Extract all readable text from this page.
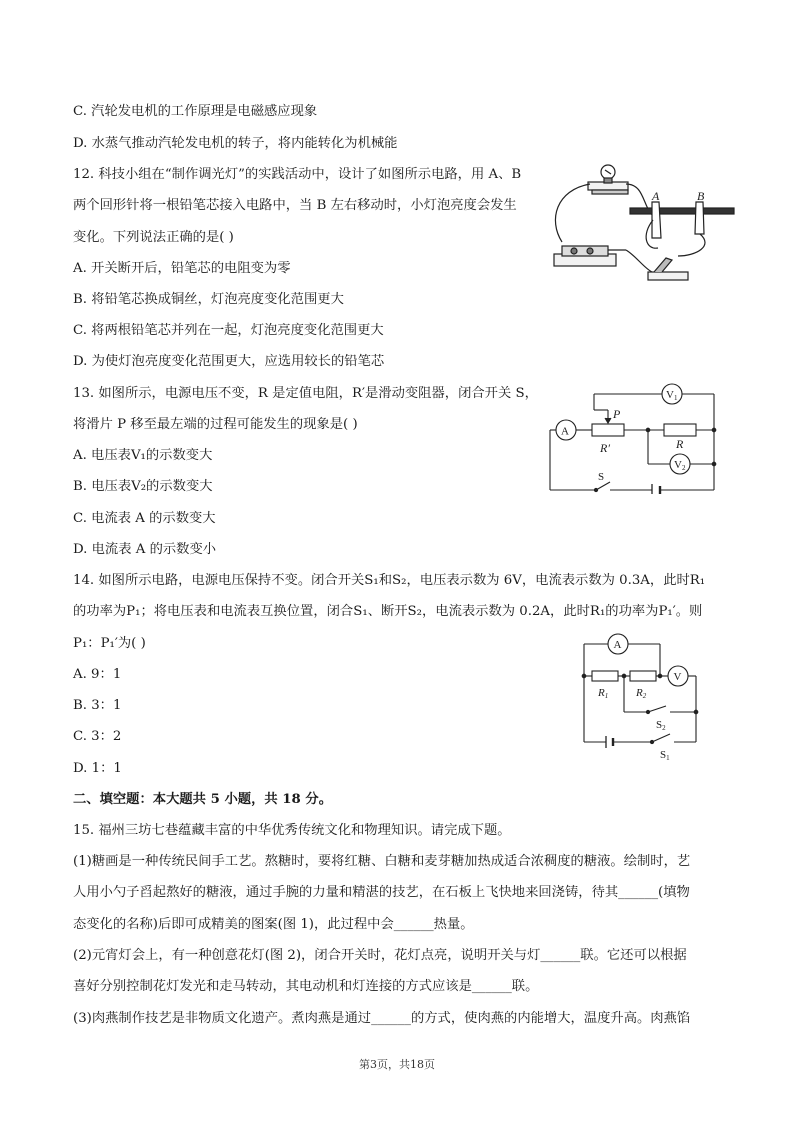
C. 汽轮发电机的工作原理是电磁感应现象
D. 水蒸气推动汽轮发电机的转子，将内能转化为机械能
12. 科技小组在“制作调光灯”的实践活动中，设计了如图所示电路，用 A、B
两个回形针将一根铅笔芯接入电路中，当 B 左右移动时，小灯泡亮度会发生
变化。下列说法正确的是( )
A. 开关断开后，铅笔芯的电阻变为零
B. 将铅笔芯换成铜丝，灯泡亮度变化范围更大
C. 将两根铅笔芯并列在一起，灯泡亮度变化范围更大
D. 为使灯泡亮度变化范围更大，应选用较长的铅笔芯
13. 如图所示，电源电压不变，R 是定值电阻，R′是滑动变阻器，闭合开关 S，
将滑片 P 移至最左端的过程可能发生的现象是( )
A. 电压表V₁的示数变大
B. 电压表V₂的示数变大
C. 电流表 A 的示数变大
D. 电流表 A 的示数变小
14. 如图所示电路，电源电压保持不变。闭合开关S₁和S₂，电压表示数为 6V，电流表示数为 0.3A，此时R₁
的功率为P₁；将电压表和电流表互换位置，闭合S₁、断开S₂，电流表示数为 0.2A，此时R₁的功率为P₁′。则
P₁：P₁′为( )
A. 9：1
B. 3：1
C. 3：2
D. 1：1
二、填空题：本大题共 5 小题，共 18 分。
15. 福州三坊七巷蕴藏丰富的中华优秀传统文化和物理知识。请完成下题。
(1)糖画是一种传统民间手工艺。熬糖时，要将红糖、白糖和麦芽糖加热成适合浓稠度的糖液。绘制时，艺
人用小勺子舀起熬好的糖液，通过手腕的力量和精湛的技艺，在石板上飞快地来回浇铸，待其______(填物
态变化的名称)后即可成精美的图案(图 1)，此过程中会______热量。
(2)元宵灯会上，有一种创意花灯(图 2)，闭合开关时，花灯点亮，说明开关与灯______联。它还可以根据
喜好分别控制花灯发光和走马转动，其电动机和灯连接的方式应该是______联。
(3)肉燕制作技艺是非物质文化遗产。煮肉燕是通过______的方式，使肉燕的内能增大，温度升高。肉燕馅
A	B
A
V1
V2
P
R′	R
S
A
V
R1	R2
S2
S1
第3页，共18页
